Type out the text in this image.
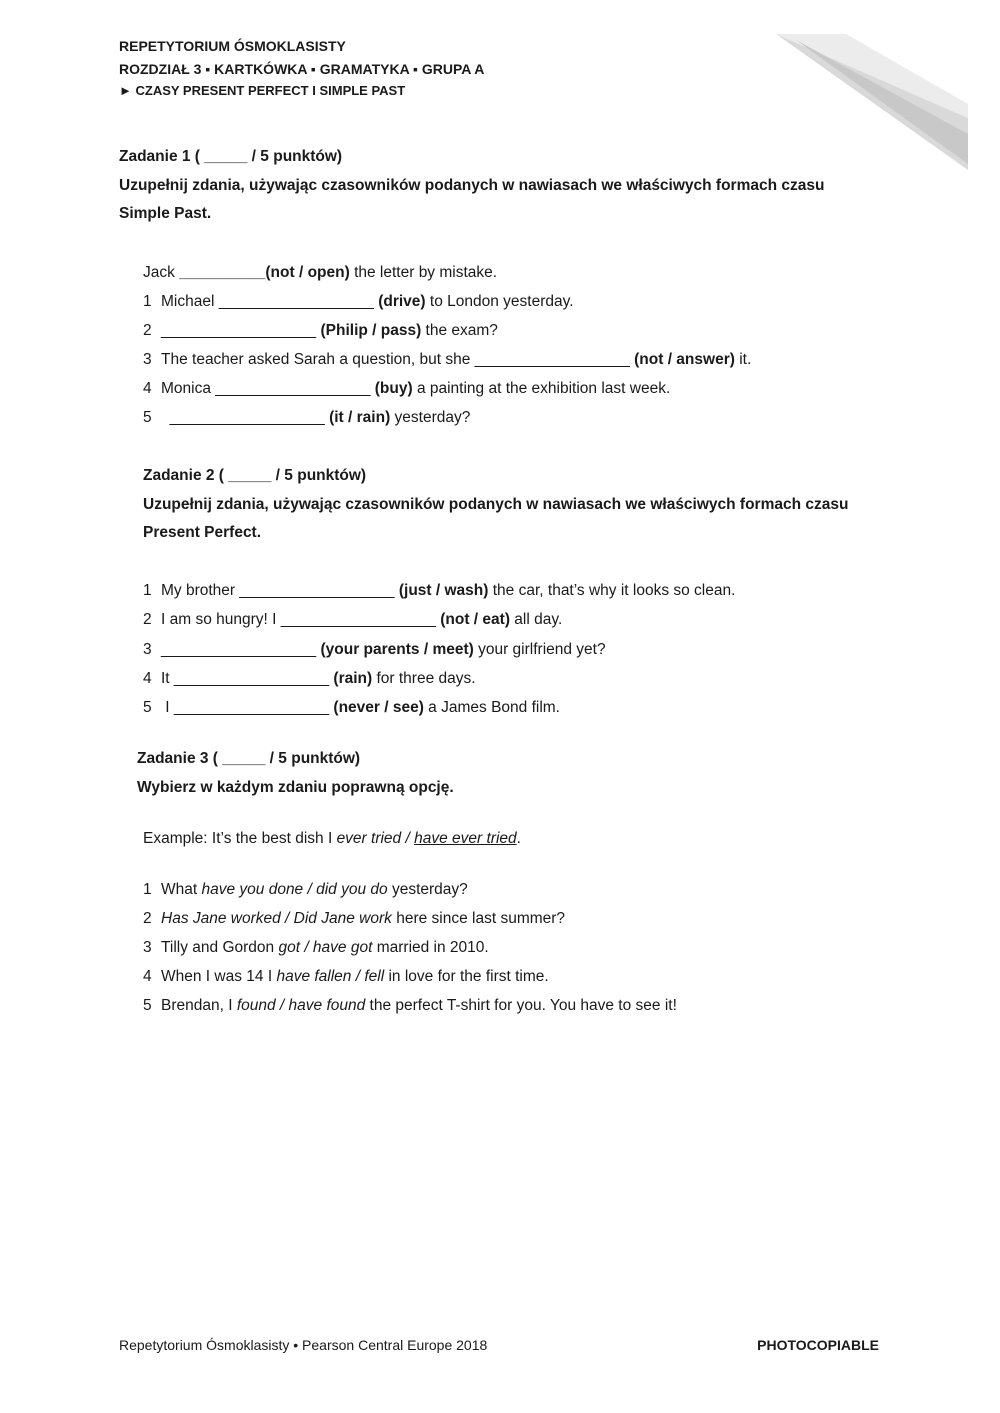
REPETYTORIUM ÓSMOKLASISTY
ROZDZIAŁ 3 ▪ KARTKÓWKA ▪ GRAMATYKA ▪ GRUPA A
► CZASY PRESENT PERFECT I SIMPLE PAST
Zadanie 1 ( _____ / 5 punktów)
Uzupełnij zdania, używając czasowników podanych w nawiasach we właściwych formach czasu Simple Past.
Jack __________(not / open) the letter by mistake.
1 Michael __________________ (drive) to London yesterday.
2 __________________ (Philip / pass) the exam?
3 The teacher asked Sarah a question, but she __________________ (not / answer) it.
4 Monica __________________ (buy) a painting at the exhibition last week.
5  __________________ (it / rain) yesterday?
Zadanie 2 ( _____ / 5 punktów)
Uzupełnij zdania, używając czasowników podanych w nawiasach we właściwych formach czasu Present Perfect.
1 My brother __________________ (just / wash) the car, that’s why it looks so clean.
2 I am so hungry! I __________________ (not / eat) all day.
3 __________________ (your parents / meet) your girlfriend yet?
4 It __________________ (rain) for three days.
5 I __________________ (never / see) a James Bond film.
Zadanie 3 ( _____ / 5 punktów)
Wybierz w każdym zdaniu poprawną opcję.
Example: It’s the best dish I ever tried / have ever tried.
1 What have you done / did you do yesterday?
2 Has Jane worked / Did Jane work here since last summer?
3 Tilly and Gordon got / have got married in 2010.
4 When I was 14 I have fallen / fell in love for the first time.
5 Brendan, I found / have found the perfect T-shirt for you. You have to see it!
Repetytorium Ósmoklasisty • Pearson Central Europe 2018	PHOTOCOPIABLE
